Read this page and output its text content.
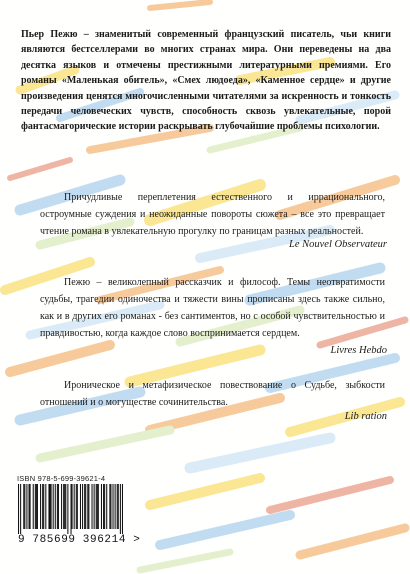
Пьер Пежю – знаменитый современный французский писатель, чьи книги являются бестселлерами во многих странах мира. Они переведены на два десятка языков и отмечены престижными литературными премиями. Его романы «Маленькая обитель», «Смех людоеда», «Каменное сердце» и другие произведения ценятся многочисленными читателями за искренность и тонкость передачи человеческих чувств, способность сквозь увлекательные, порой фантасмагорические истории раскрывать глубочайшие проблемы психологии.
Причудливые переплетения естественного и иррационального, остроумные суждения и неожиданные повороты сюжета – все это превращает чтение романа в увлекательную прогулку по границам разных реальностей.
Le Nouvel Observateur
Пежю – великолепный рассказчик и философ. Темы неотвратимости судьбы, трагедии одиночества и тяжести вины прописаны здесь также сильно, как и в других его романах - без сантиментов, но с особой чувствительностью и правдивостью, когда каждое слово воспринимается сердцем.
Livres Hebdo
Ироническое и метафизическое повествование о Судьбе, зыбкости отношений и о могуществе сочинительства.
Lib ration
ISBN 978-5-699-39621-4
9 785699 396214 >
